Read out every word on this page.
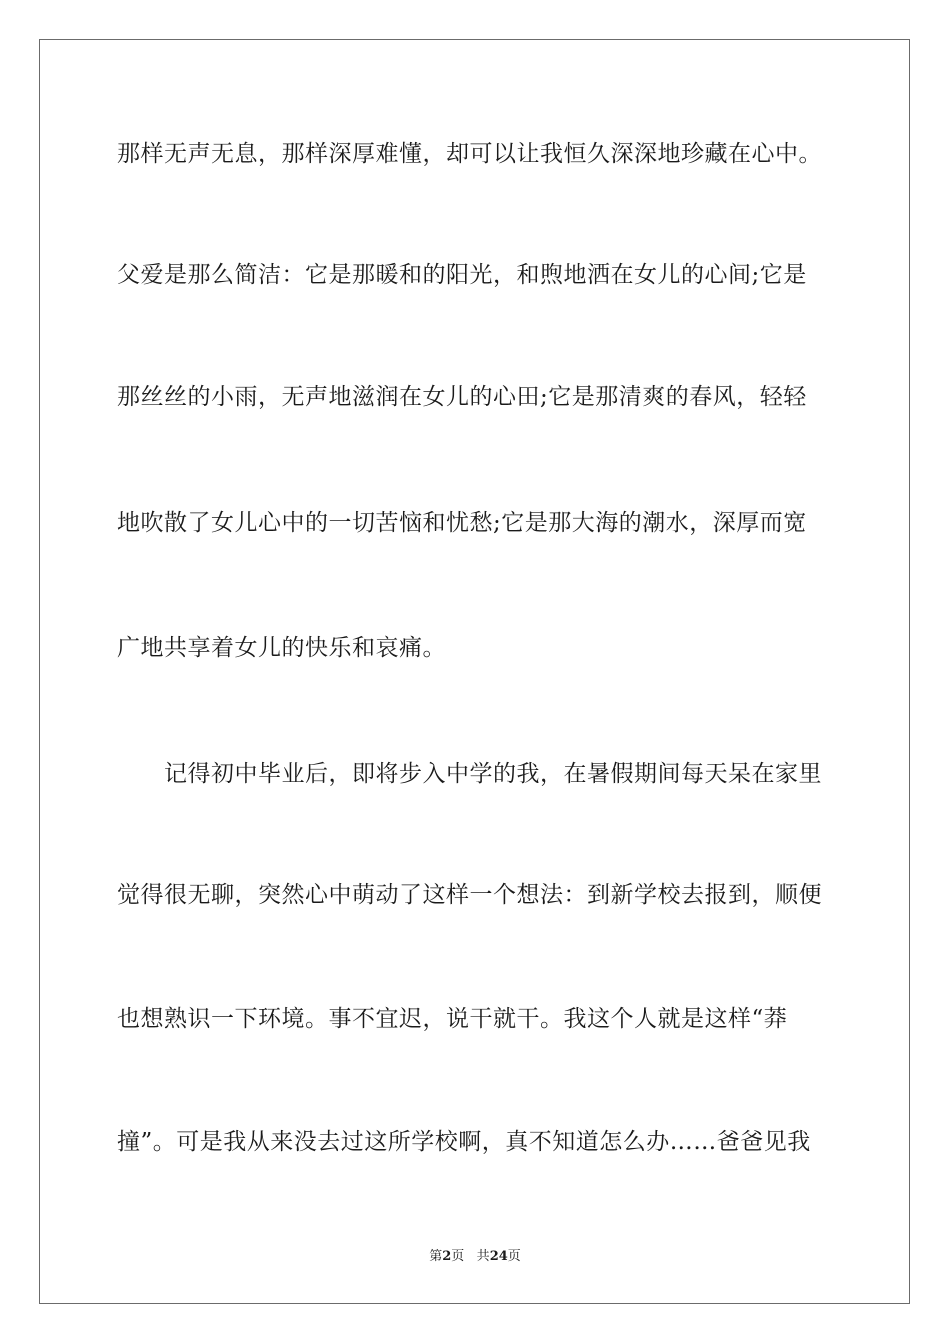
那样无声无息，那样深厚难懂，却可以让我恒久深深地珍藏在心中。
父爱是那么简洁：它是那暖和的阳光，和煦地洒在女儿的心间;它是
那丝丝的小雨，无声地滋润在女儿的心田;它是那清爽的春风，轻轻
地吹散了女儿心中的一切苦恼和忧愁;它是那大海的潮水，深厚而宽
广地共享着女儿的快乐和哀痛。
记得初中毕业后，即将步入中学的我，在暑假期间每天呆在家里
觉得很无聊，突然心中萌动了这样一个想法：到新学校去报到，顺便
也想熟识一下环境。事不宜迟，说干就干。我这个人就是这样“莽
撞”。可是我从来没去过这所学校啊，真不知道怎么办……爸爸见我
第2页 共24页
